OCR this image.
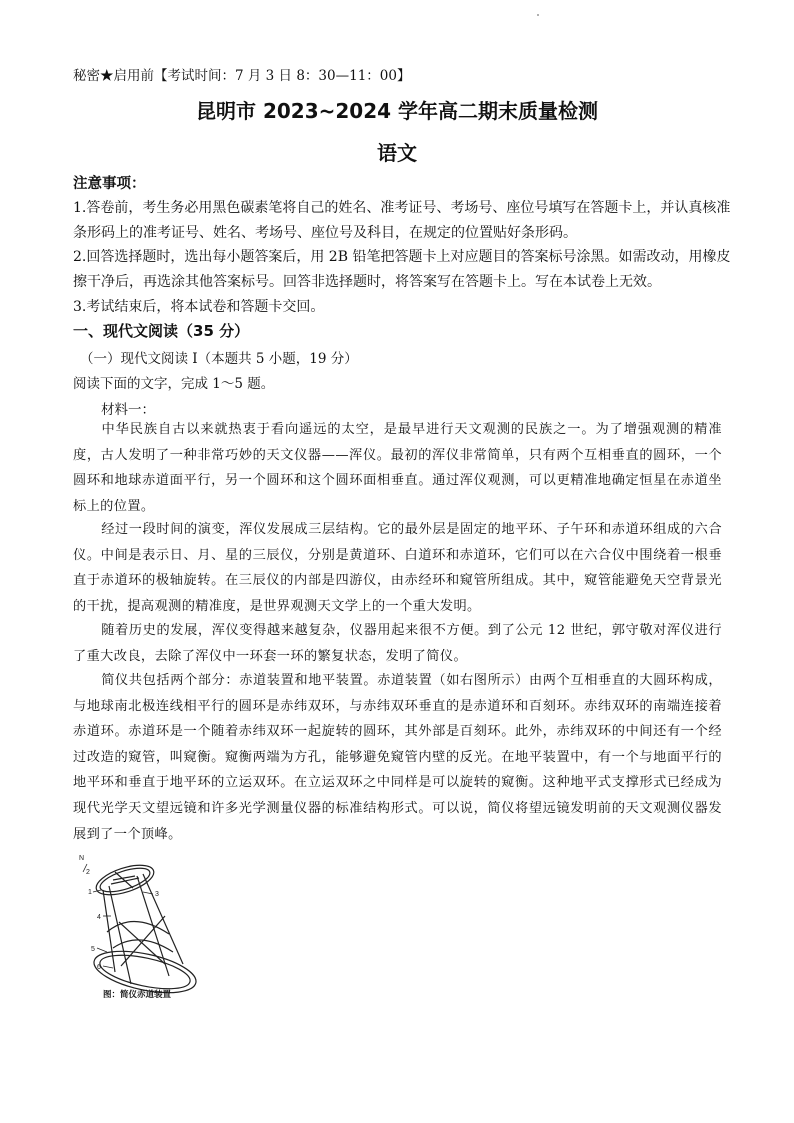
秘密★启用前【考试时间：7 月 3 日 8：30—11：00】
昆明市 2023~2024 学年高二期末质量检测
语文
注意事项：
1.答卷前，考生务必用黑色碳素笔将自己的姓名、准考证号、考场号、座位号填写在答题卡上，并认真核准
条形码上的准考证号、姓名、考场号、座位号及科目，在规定的位置贴好条形码。
2.回答选择题时，选出每小题答案后，用 2B 铅笔把答题卡上对应题目的答案标号涂黑。如需改动，用橡皮
擦干净后，再选涂其他答案标号。回答非选择题时，将答案写在答题卡上。写在本试卷上无效。
3.考试结束后，将本试卷和答题卡交回。
一、现代文阅读（35 分）
（一）现代文阅读 I（本题共 5 小题，19 分）
阅读下面的文字，完成 1～5 题。
材料一：
中华民族自古以来就热衷于看向遥远的太空，是最早进行天文观测的民族之一。为了增强观测的精准度，古人发明了一种非常巧妙的天文仪器——浑仪。最初的浑仪非常简单，只有两个互相垂直的圆环，一个圆环和地球赤道面平行，另一个圆环和这个圆环面相垂直。通过浑仪观测，可以更精准地确定恒星在赤道坐标上的位置。
经过一段时间的演变，浑仪发展成三层结构。它的最外层是固定的地平环、子午环和赤道环组成的六合仪。中间是表示日、月、星的三辰仪，分别是黄道环、白道环和赤道环，它们可以在六合仪中围绕着一根垂直于赤道环的极轴旋转。在三辰仪的内部是四游仪，由赤经环和窥管所组成。其中，窥管能避免天空背景光的干扰，提高观测的精准度，是世界观测天文学上的一个重大发明。
随着历史的发展，浑仪变得越来越复杂，仪器用起来很不方便。到了公元 12 世纪，郭守敬对浑仪进行了重大改良，去除了浑仪中一环套一环的繁复状态，发明了简仪。
简仪共包括两个部分：赤道装置和地平装置。赤道装置（如右图所示）由两个互相垂直的大圆环构成，与地球南北极连线相平行的圆环是赤纬双环，与赤纬双环垂直的是赤道环和百刻环。赤纬双环的南端连接着赤道环。赤道环是一个随着赤纬双环一起旋转的圆环，其外部是百刻环。此外，赤纬双环的中间还有一个经过改造的窥管，叫窥衡。窥衡两端为方孔，能够避免窥管内壁的反光。在地平装置中，有一个与地面平行的地平环和垂直于地平环的立运双环。在立运双环之中同样是可以旋转的窥衡。这种地平式支撑形式已经成为现代光学天文望远镜和许多光学测量仪器的标准结构形式。可以说，简仪将望远镜发明前的天文观测仪器发展到了一个顶峰。
N
1
2
3
4
5
6
图：简仪赤道装置
